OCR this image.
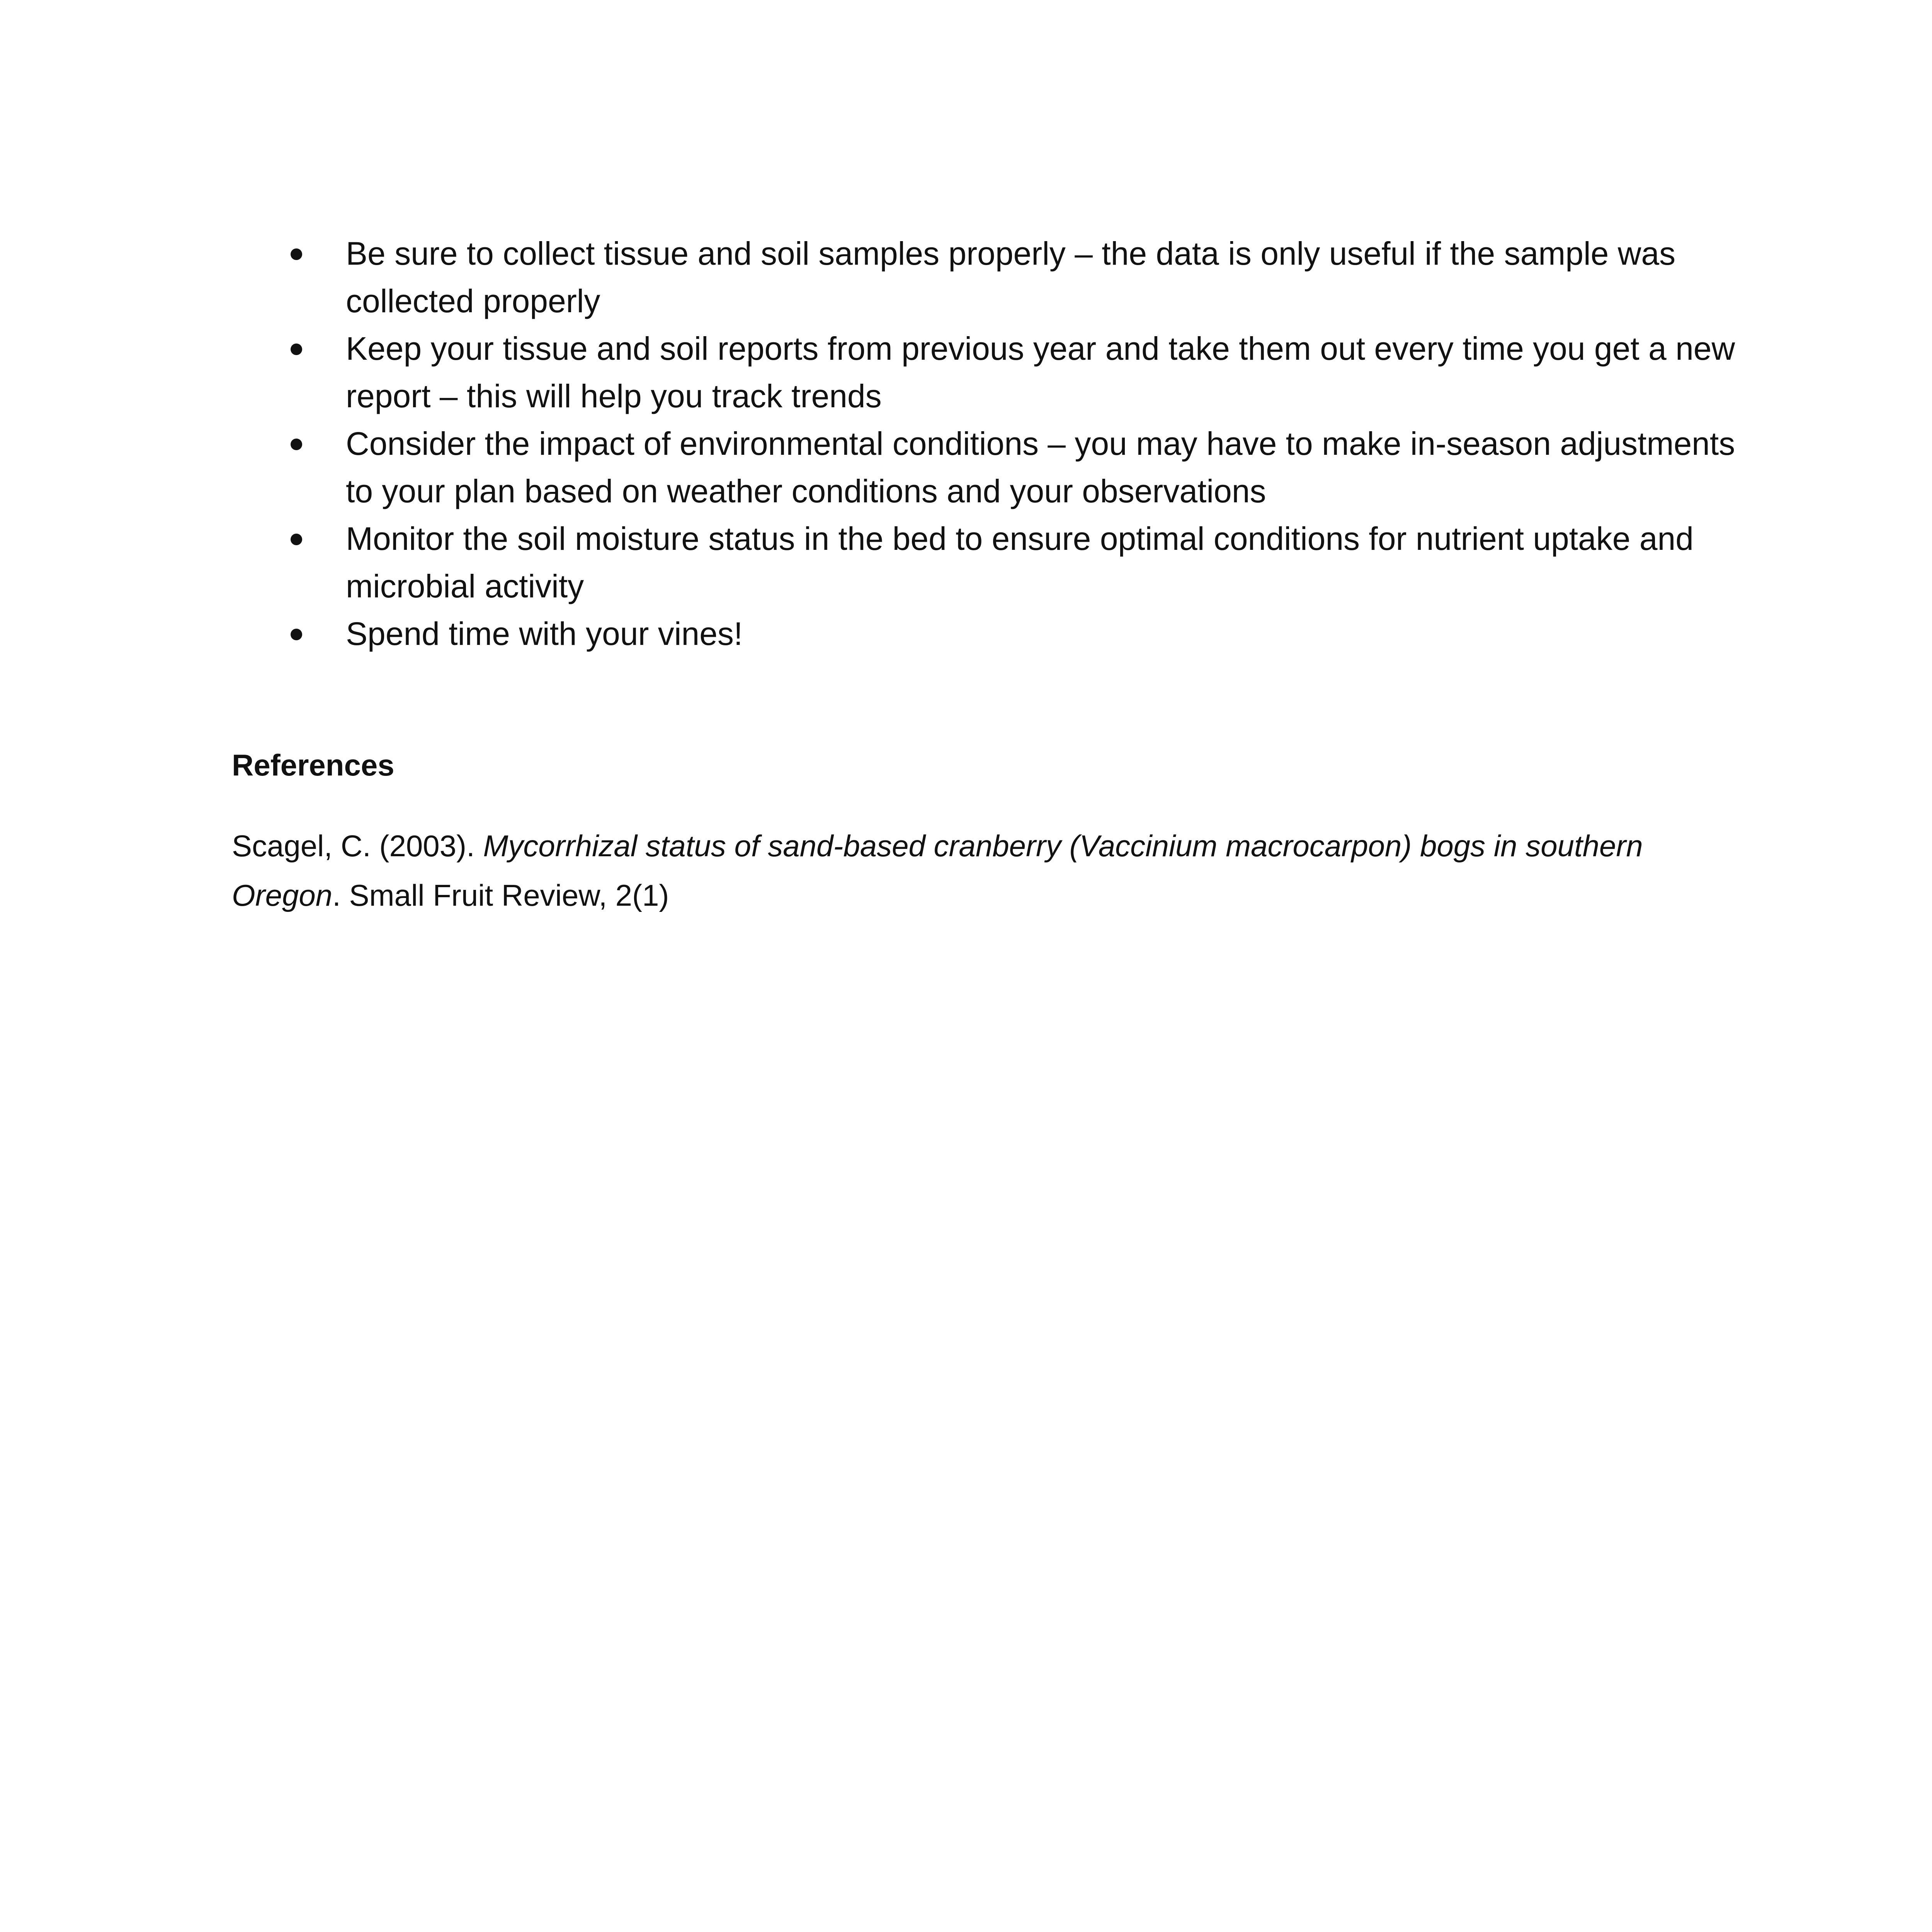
Be sure to collect tissue and soil samples properly – the data is only useful if the sample was collected properly
Keep your tissue and soil reports from previous year and take them out every time you get a new report – this will help you track trends
Consider the impact of environmental conditions – you may have to make in-season adjustments to your plan based on weather conditions and your observations
Monitor the soil moisture status in the bed to ensure optimal conditions for nutrient uptake and microbial activity
Spend time with your vines!
References

Scagel, C. (2003). Mycorrhizal status of sand-based cranberry (Vaccinium macrocarpon) bogs in southern Oregon. Small Fruit Review, 2(1)
